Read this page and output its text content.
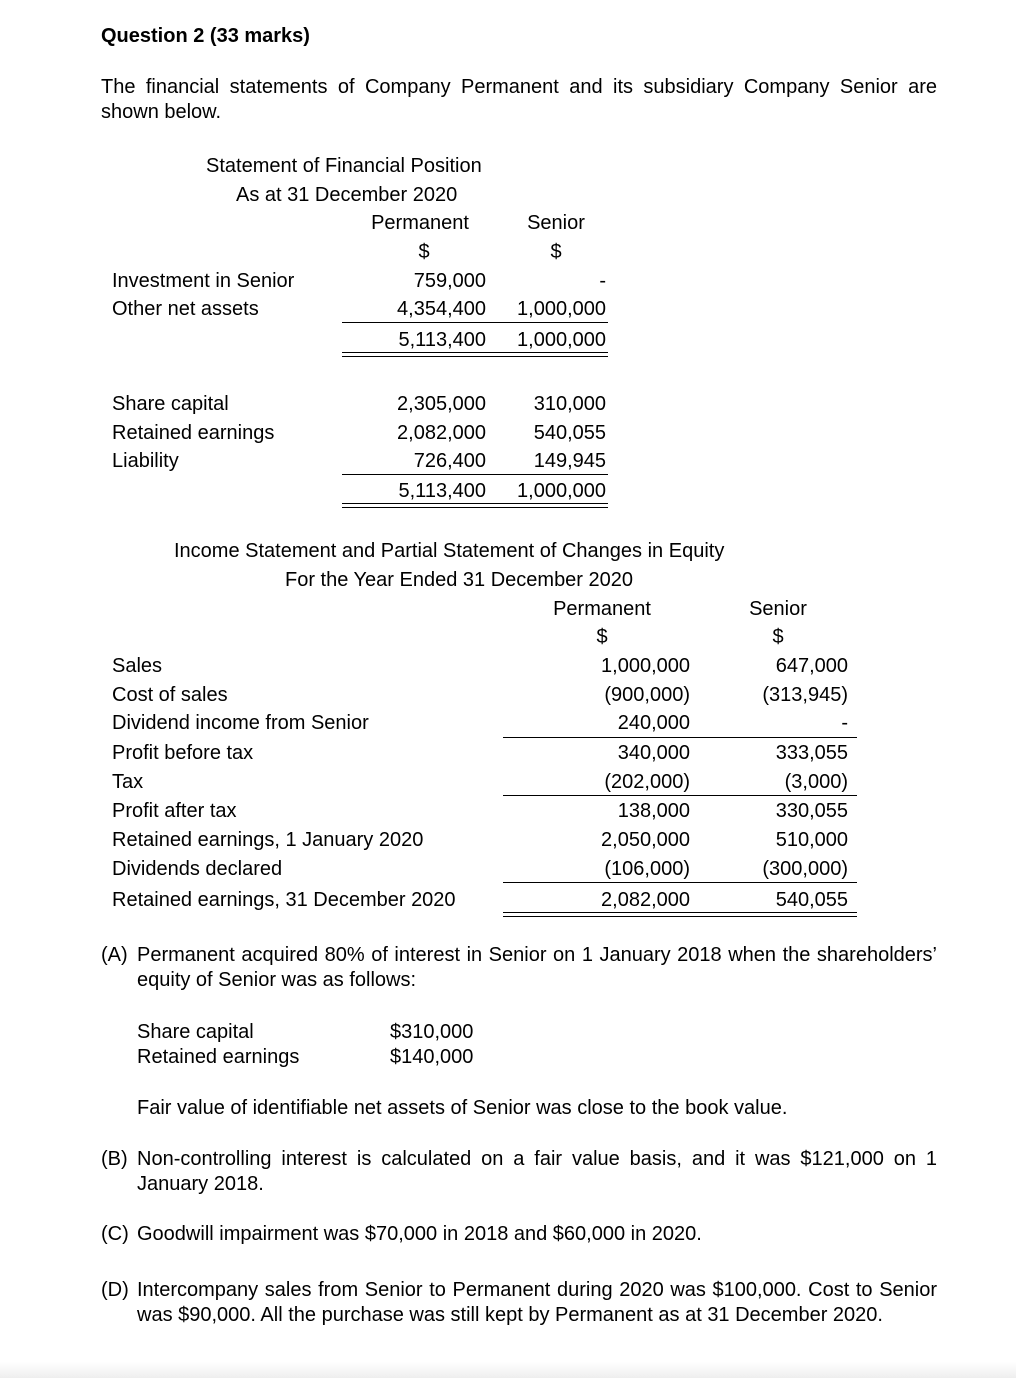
Question 2 (33 marks)
The financial statements of Company Permanent and its subsidiary Company Senior are shown below.
Statement of Financial Position
As at 31 December 2020
Permanent	Senior
$	$
Investment in Senior	759,000	-
Other net assets	4,354,400	1,000,000
5,113,400	1,000,000
Share capital	2,305,000	310,000
Retained earnings	2,082,000	540,055
Liability	726,400	149,945
5,113,400	1,000,000
Income Statement and Partial Statement of Changes in Equity
For the Year Ended 31 December 2020
Permanent	Senior
$	$
Sales	1,000,000	647,000
Cost of sales	(900,000)	(313,945)
Dividend income from Senior	240,000	-
Profit before tax	340,000	333,055
Tax	(202,000)	(3,000)
Profit after tax	138,000	330,055
Retained earnings, 1 January 2020	2,050,000	510,000
Dividends declared	(106,000)	(300,000)
Retained earnings, 31 December 2020	2,082,000	540,055
(A) Permanent acquired 80% of interest in Senior on 1 January 2018 when the shareholders’ equity of Senior was as follows:
Share capital	$310,000
Retained earnings	$140,000
Fair value of identifiable net assets of Senior was close to the book value.
(B) Non-controlling interest is calculated on a fair value basis, and it was $121,000 on 1 January 2018.
(C) Goodwill impairment was $70,000 in 2018 and $60,000 in 2020.
(D) Intercompany sales from Senior to Permanent during 2020 was $100,000. Cost to Senior was $90,000. All the purchase was still kept by Permanent as at 31 December 2020.
